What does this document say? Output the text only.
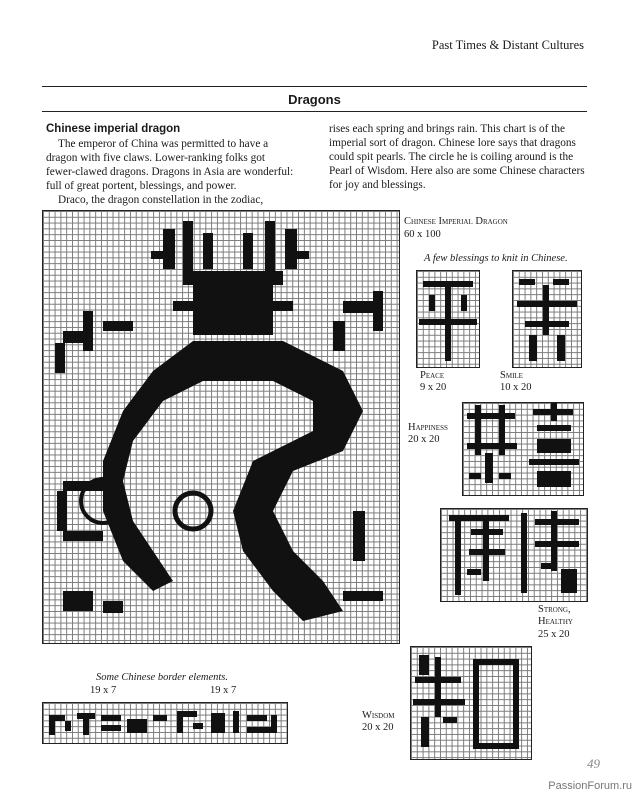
Past Times & Distant Cultures
Dragons

Chinese imperial dragon

The emperor of China was permitted to have a dragon with five claws. Lower-ranking folks got fewer-clawed dragons. Dragons in Asia are wonderful: full of great portent, blessings, and power.

Draco, the dragon constellation in the zodiac,

rises each spring and brings rain. This chart is of the imperial sort of dragon. Chinese lore says that dragons could spit pearls. The circle he is coiling around is the Pearl of Wisdom. Here also are some Chinese characters for joy and blessings.

Chinese Imperial Dragon
60 x 100
A few blessings to knit in Chinese.
Peace
9 x 20
Smile
10 x 20
Happiness
20 x 20
Strong,
Healthy
25 x 20
Wisdom
20 x 20
Some Chinese border elements.
19 x 7	19 x 7
49
PassionForum.ru
